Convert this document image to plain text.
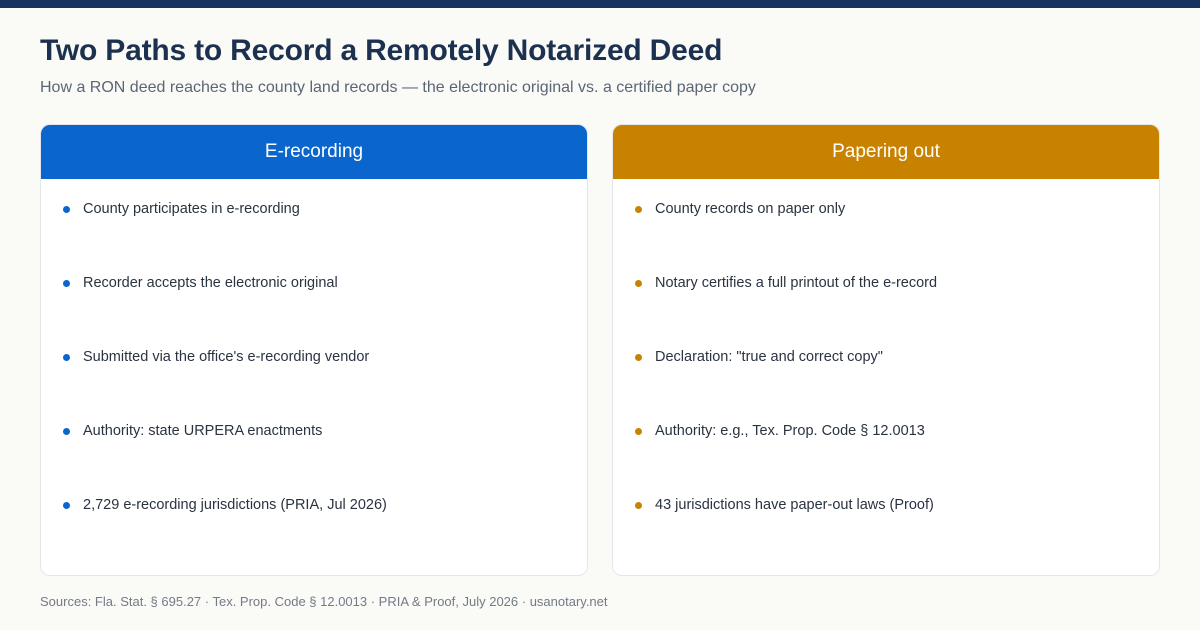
Two Paths to Record a Remotely Notarized Deed
How a RON deed reaches the county land records — the electronic original vs. a certified paper copy
E-recording
County participates in e-recording
Recorder accepts the electronic original
Submitted via the office's e-recording vendor
Authority: state URPERA enactments
2,729 e-recording jurisdictions (PRIA, Jul 2026)
Papering out
County records on paper only
Notary certifies a full printout of the e-record
Declaration: "true and correct copy"
Authority: e.g., Tex. Prop. Code § 12.0013
43 jurisdictions have paper-out laws (Proof)
Sources: Fla. Stat. § 695.27 · Tex. Prop. Code § 12.0013 · PRIA & Proof, July 2026 · usanotary.net
